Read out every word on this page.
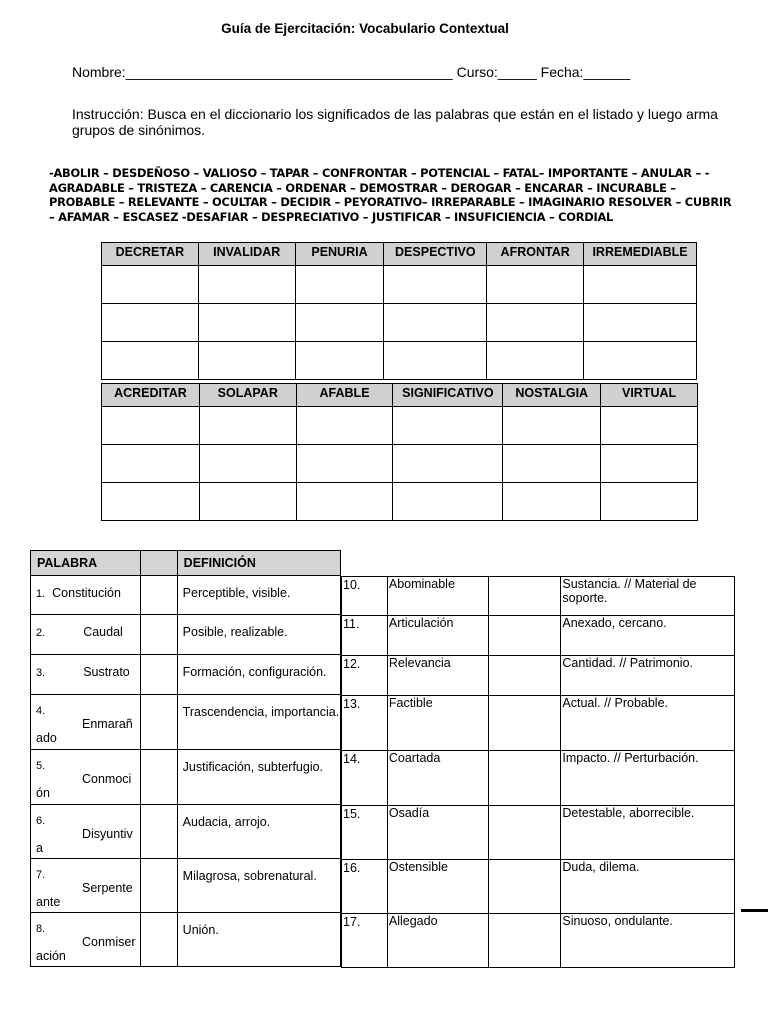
Guía de Ejercitación: Vocabulario Contextual
Nombre:__________________________________________ Curso:_____ Fecha:______
Instrucción: Busca en el diccionario los significados de las palabras que están en el listado y luego arma grupos de sinónimos.
-ABOLIR – DESDEÑOSO – VALIOSO – TAPAR – CONFRONTAR – POTENCIAL – FATAL– IMPORTANTE – ANULAR – -AGRADABLE – TRISTEZA – CARENCIA – ORDENAR – DEMOSTRAR – DEROGAR – ENCARAR – INCURABLE – PROBABLE – RELEVANTE – OCULTAR – DECIDIR – PEYORATIVO– IRREPARABLE – IMAGINARIO RESOLVER – CUBRIR – AFAMAR – ESCASEZ -DESAFIAR – DESPRECIATIVO – JUSTIFICAR – INSUFICIENCIA – CORDIAL
DECRETAR	INVALIDAR	PENURIA	DESPECTIVO	AFRONTAR	IRREMEDIABLE

ACREDITAR	SOLAPAR	AFABLE	SIGNIFICATIVO	NOSTALGIA	VIRTUAL

PALABRA		DEFINICIÓN
1. Constitución		Perceptible, visible.
2. Caudal		Posible, realizable.
3. Sustrato		Formación, configuración.

4.
Enmarañ
ado		Trascendencia, importancia.

5.
Conmoci
ón		Justificación, subterfugio.

6.
Disyuntiv
a		Audacia, arrojo.

7.
Serpente
ante		Milagrosa, sobrenatural.

8.
Conmiser
ación		Unión.
10.	Abominable		Sustancia. // Material de soporte.
11.	Articulación		Anexado, cercano.
12.	Relevancia		Cantidad. // Patrimonio.
13.	Factible		Actual. // Probable.
14.	Coartada		Impacto. // Perturbación.
15.	Osadía		Detestable, aborrecible.
16.	Ostensible		Duda, dilema.
17.	Allegado		Sinuoso, ondulante.
